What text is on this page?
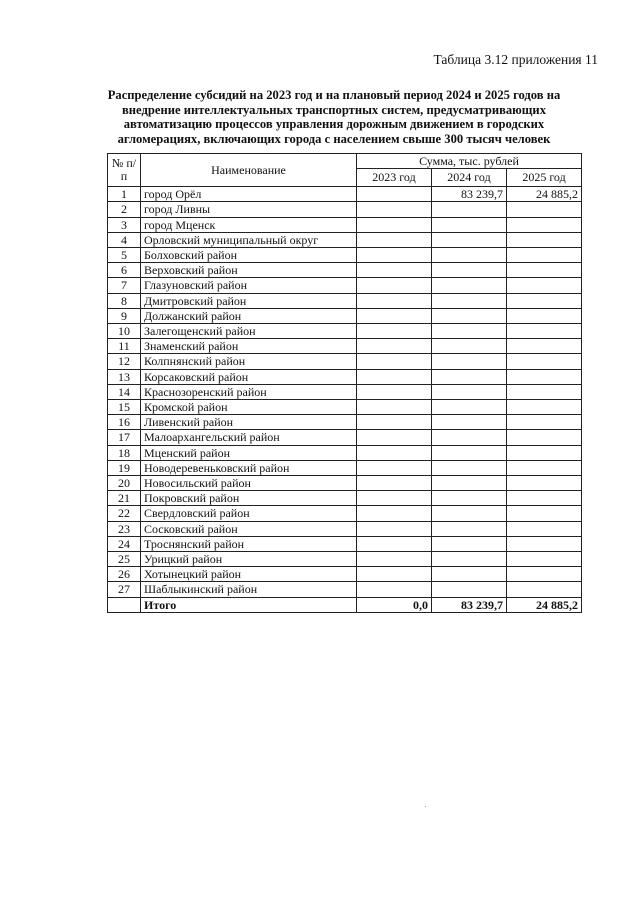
Таблица 3.12 приложения 11
Распределение субсидий на 2023 год и на плановый период 2024 и 2025 годов на внедрение интеллектуальных транспортных систем, предусматривающих автоматизацию процессов управления дорожным движением в городских агломерациях, включающих города с населением свыше 300 тысяч человек
№ п/п	Наименование	Сумма, тыс. рублей		
		2023 год	2024 год	2025 год
1	город Орёл		83 239,7	24 885,2
2	город Ливны			
3	город Мценск			
4	Орловский муниципальный округ			
5	Болховский район			
6	Верховский район			
7	Глазуновский район			
8	Дмитровский район			
9	Должанский район			
10	Залегощенский район			
11	Знаменский район			
12	Колпнянский район			
13	Корсаковский район			
14	Краснозоренский район			
15	Кромской район			
16	Ливенский район			
17	Малоархангельский район			
18	Мценский район			
19	Новодеревеньковский район			
20	Новосильский район			
21	Покровский район			
22	Свердловский район			
23	Сосковский район			
24	Троснянский район			
25	Урицкий район			
26	Хотынецкий район			
27	Шаблыкинский район			
	Итого	0,0	83 239,7	24 885,2
